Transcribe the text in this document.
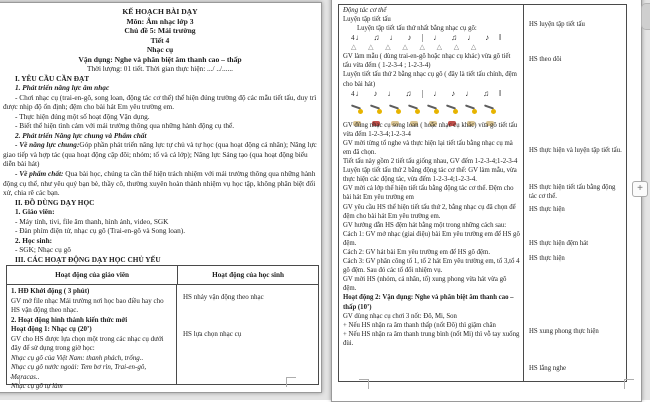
KẾ HOẠCH BÀI DẠY
Môn: Âm nhạc lớp 3
Chủ đề 5: Mái trường
Tiết 4
Nhạc cụ
Vận dụng: Nghe và phân biệt âm thanh cao – thấp
Thời lượng: 01 tiết. Thời gian thực hiện: .../ ../......
I. YÊU CẦU CẦN ĐẠT
1. Phát triển năng lực âm nhạc
- Chơi nhạc cụ (trai-en-gô, song loan, động tác cơ thể) thể hiện đúng trường độ các mẫu tiết tấu, duy trì được nhịp độ ổn định; đệm cho bài hát Em yêu trường em.
- Thực hiện đúng một số hoạt động Vận dụng.
- Biết thể hiện tình cảm với mái trường thông qua những hành động cụ thể.
2. Phát triển Năng lực chung và Phẩm chất
- Về năng lực chung:Góp phần phát triển năng lực tự chủ và tự học (qua hoạt động cá nhân); Năng lực giao tiếp và hợp tác (qua hoạt động cặp đôi; nhóm; tổ và cả lớp); Năng lực Sáng tạo (qua hoạt động biểu diễn bài hát)
- Về phẩm chất: Qua bài học, chúng ta cần thể hiện trách nhiệm với mái trường thông qua những hành động cụ thể, như yêu quý bạn bè, thầy cô, thường xuyên hoàn thành nhiệm vụ học tập, không phân biệt đối xử, chia rẽ các bạn.
II. ĐỒ DÙNG DẠY HỌC
1. Giáo viên:
- Máy tính, tivi, file âm thanh, hình ảnh, video, SGK
- Đàn phím điện tử, nhạc cụ gõ (Trai-en-gô và Song loan).
2. Học sinh:
- SGK; Nhạc cụ gõ
III. CÁC HOẠT ĐỘNG DẠY HỌC CHỦ YẾU
Hoạt động của giáo viên	Hoạt động của học sinh
1. HĐ Khởi động ( 3 phút)
GV mở file nhạc Mái trường nơi học bao điều hay cho HS vận động theo nhạc.
2. Hoạt động hình thành kiến thức mới
Hoạt động 1: Nhạc cụ (20’)
GV cho HS được lựa chọn một trong các nhạc cụ dưới đây để sử dụng trong giờ học:
Nhạc cụ gõ của Việt Nam: thanh phách, trống..
Nhạc cụ gõ nước ngoài: Tem bơ rìn, Trai-en-gô, Maracas..
Nhạc cụ gõ tự làm
HS nhảy vận động theo nhạc
HS lựa chọn nhạc cụ
Động tác cơ thể
Luyện tập tiết tấu
Luyện tập tiết tấu thứ nhất bằng nhạc cụ gõ:
4♩ ♫ ♩ ♪ | ♩ ♫ ♩ ♪ ‖
△ △ △ △ △ △ △ △
GV làm mẫu ( dùng trai-en-gô hoặc nhạc cụ khác) vừa gõ tiết tấu vừa đếm ( 1-2-3-4 ; 1-2-3-4)
Luyện tiết tấu thứ 2 bằng nhạc cụ gõ ( đây là tiết tấu chính, đệm cho bài hát)
4♩ ♪ ♩ ♫ | ♩ ♪ ♩ ♫ ‖
GV đúng nhạc cụ song loan ( hoặc nhạc cụ khác) vừa gõ tiết tấu vừa đếm 1-2-3-4;1-2-3-4
GV mời từng tổ nghe và thực hiện lại tiết tấu bằng nhạc cụ mà em đã chọn.
Tiết tấu này gồm 2 tiết tấu giống nhau, GV đếm 1-2-3-4;1-2-3-4
Luyện tập tiết tấu thứ 2 bằng động tác cơ thể: GV làm mẫu, vừa thực hiện các động tác, vừa đếm 1-2-3-4;1-2-3-4.
GV mời cả lớp thể hiện tiết tấu bằng động tác cơ thể. Đệm cho bài hát Em yêu trường em
GV yêu cầu HS thể hiện tiết tấu thứ 2, bằng nhạc cụ đã chọn để đệm cho bài hát Em yêu trường em.
GV hướng dẫn HS đệm hát bằng một trong những cách sau:
Cách 1: GV mở nhạc (giai điệu) bài Em yêu trường em để HS gõ đệm.
Cách 2: GV hát bài Em yêu trường em để HS gõ đệm.
Cách 3: GV phân công tổ 1, tổ 2 hát Em yêu trường em, tổ 3,tổ 4 gõ đệm. Sau đó các tổ đổi nhiệm vụ.
GV mời HS (nhóm, cá nhân, tổ) xung phong vừa hát vừa gõ đệm.
Hoạt động 2: Vận dụng: Nghe và phân biệt âm thanh cao – thấp (10’)
GV dùng nhạc cụ chơi 3 nốt: Đô, Mi, Son
+ Nếu HS nhận ra âm thanh thấp (nốt Đô) thì giậm chân
+ Nếu HS nhận ra âm thanh trung bình (nốt Mi) thì vỗ tay xuống đùi.
HS luyện tập tiết tấu
HS theo dõi
HS thực hiện và luyện tập tiết tấu.
HS thực hiện tiết tấu bằng động tác cơ thể.
HS thực hiện
HS thực hiện đệm hát
HS thực hiện
HS xung phong thực hiện
HS lắng nghe
+
